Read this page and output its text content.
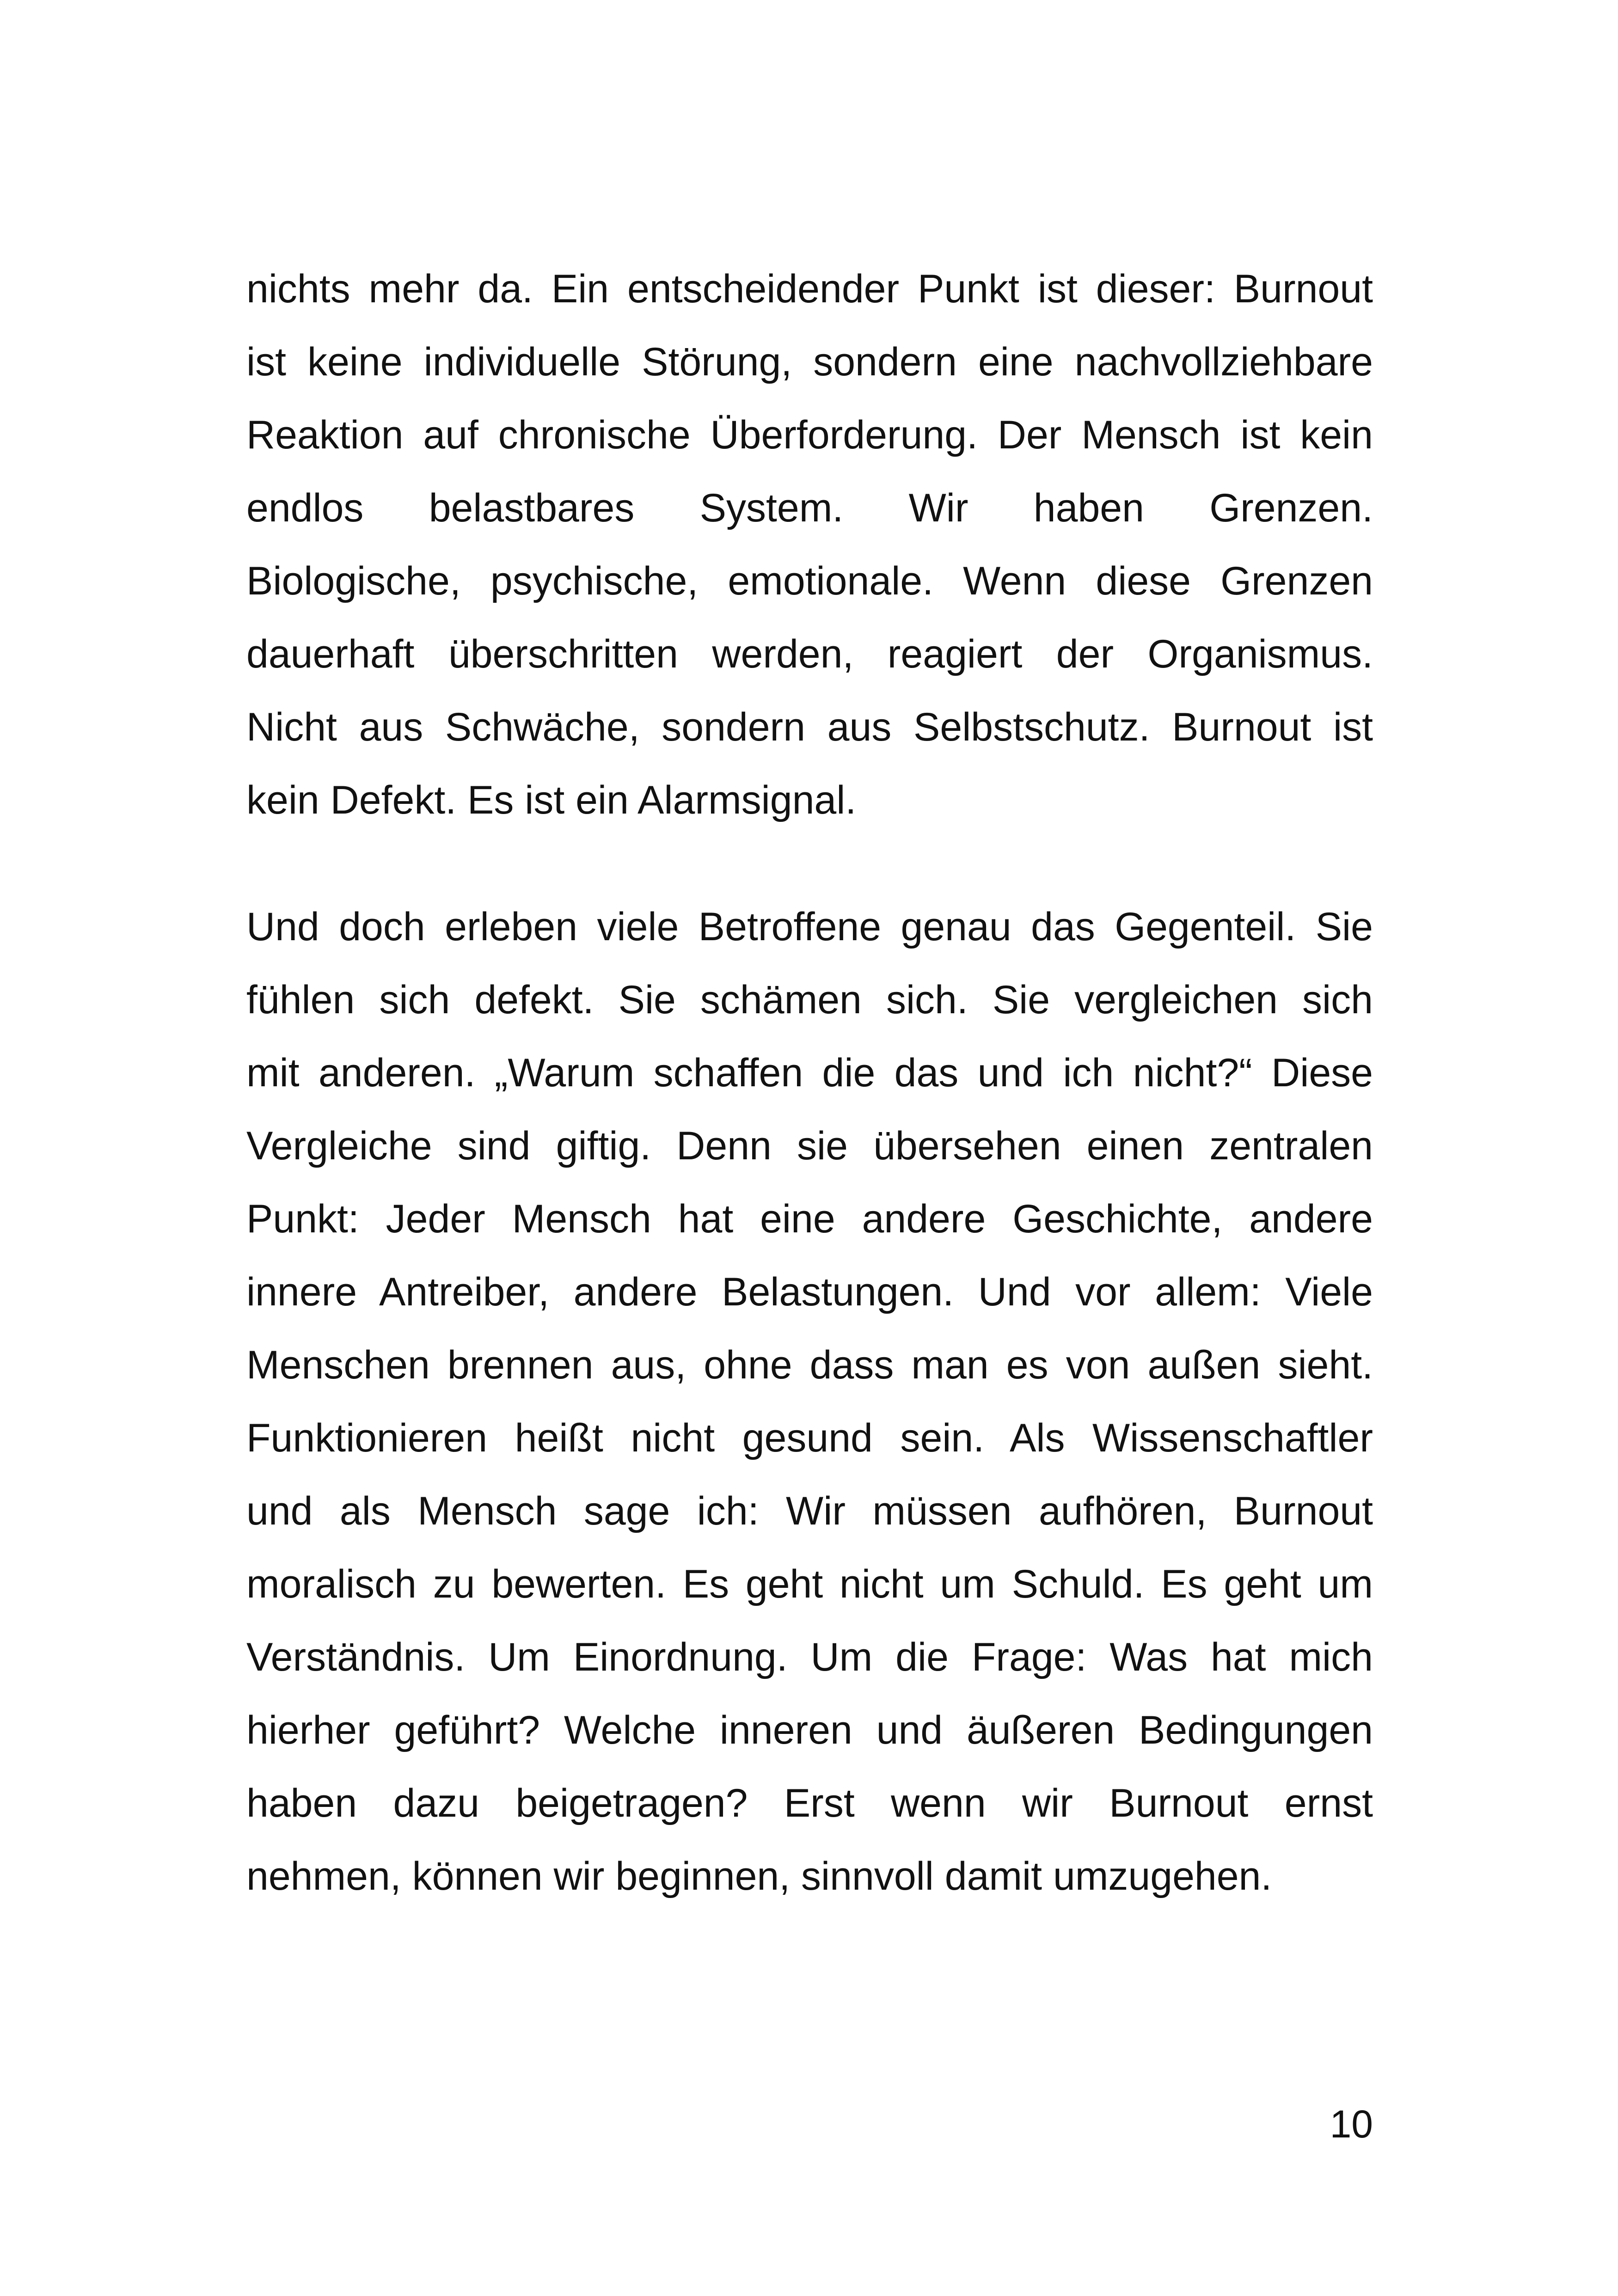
nichts mehr da. Ein entscheidender Punkt ist dieser: Burnout
ist keine individuelle Störung, sondern eine nachvollziehbare
Reaktion auf chronische Überforderung. Der Mensch ist kein
endlos belastbares System. Wir haben Grenzen.
Biologische, psychische, emotionale. Wenn diese Grenzen
dauerhaft überschritten werden, reagiert der Organismus.
Nicht aus Schwäche, sondern aus Selbstschutz. Burnout ist
kein Defekt. Es ist ein Alarmsignal.
Und doch erleben viele Betroffene genau das Gegenteil. Sie
fühlen sich defekt. Sie schämen sich. Sie vergleichen sich
mit anderen. „Warum schaffen die das und ich nicht?“ Diese
Vergleiche sind giftig. Denn sie übersehen einen zentralen
Punkt: Jeder Mensch hat eine andere Geschichte, andere
innere Antreiber, andere Belastungen. Und vor allem: Viele
Menschen brennen aus, ohne dass man es von außen sieht.
Funktionieren heißt nicht gesund sein. Als Wissenschaftler
und als Mensch sage ich: Wir müssen aufhören, Burnout
moralisch zu bewerten. Es geht nicht um Schuld. Es geht um
Verständnis. Um Einordnung. Um die Frage: Was hat mich
hierher geführt? Welche inneren und äußeren Bedingungen
haben dazu beigetragen? Erst wenn wir Burnout ernst
nehmen, können wir beginnen, sinnvoll damit umzugehen.
10
